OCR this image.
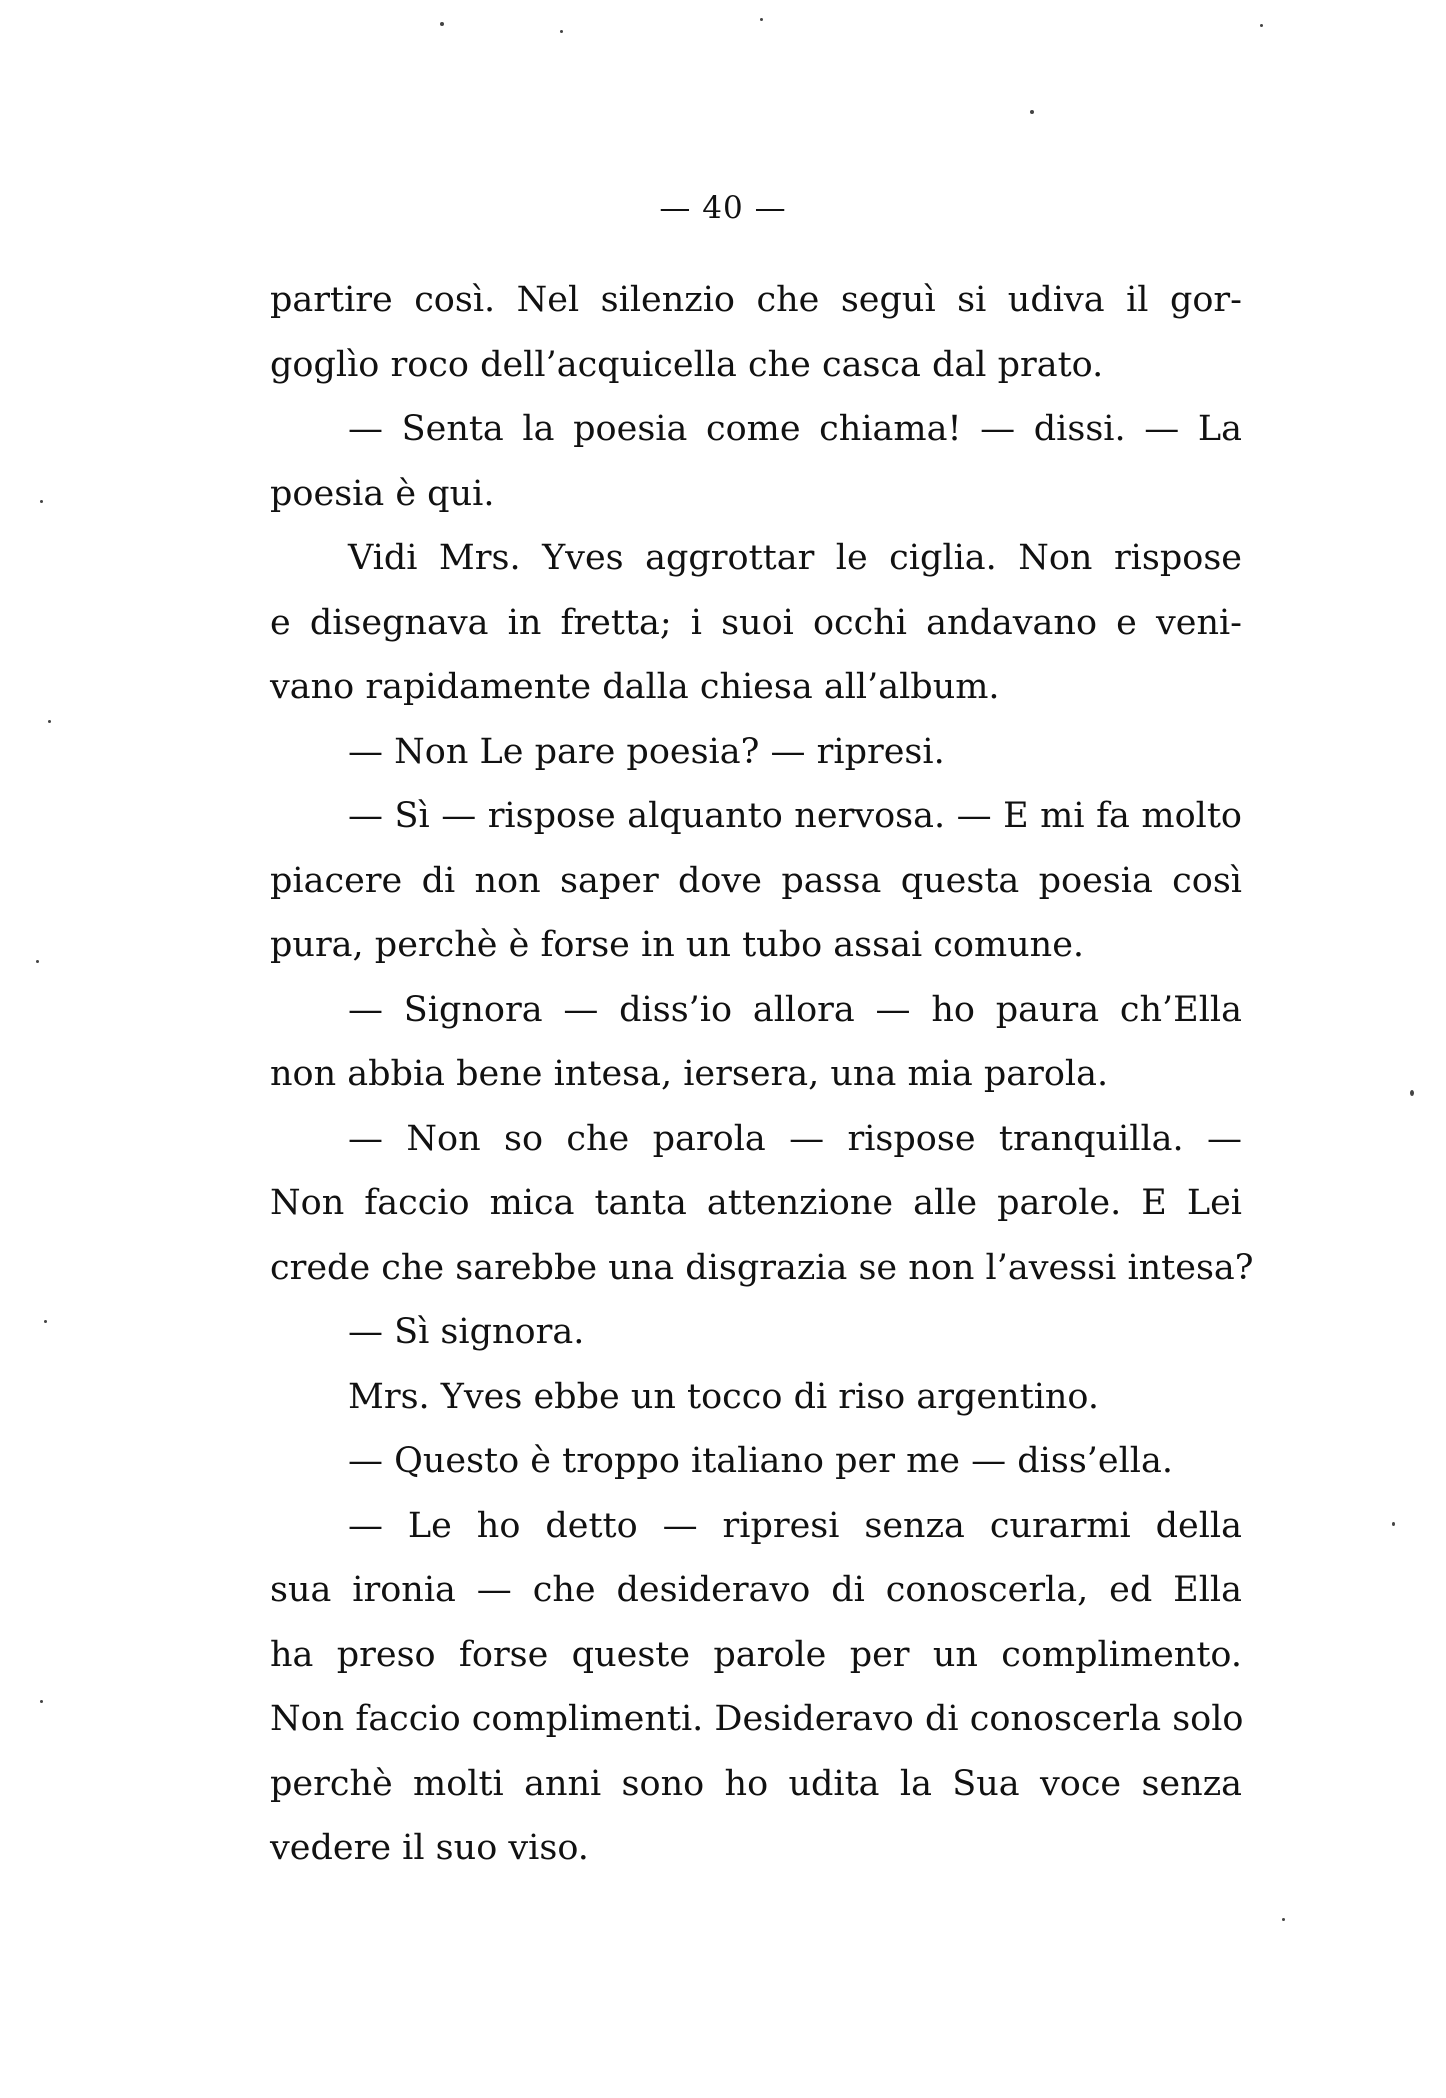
— 40 —
partire così. Nel silenzio che seguì si udiva il gor-
goglìo roco dell’acquicella che casca dal prato.
— Senta la poesia come chiama! — dissi. — La
poesia è qui.
Vidi Mrs. Yves aggrottar le ciglia. Non rispose
e disegnava in fretta; i suoi occhi andavano e veni-
vano rapidamente dalla chiesa all’album.
— Non Le pare poesia? — ripresi.
— Sì — rispose alquanto nervosa. — E mi fa molto
piacere di non saper dove passa questa poesia così
pura, perchè è forse in un tubo assai comune.
— Signora — diss’io allora — ho paura ch’Ella
non abbia bene intesa, iersera, una mia parola.
— Non so che parola — rispose tranquilla. —
Non faccio mica tanta attenzione alle parole. E Lei
crede che sarebbe una disgrazia se non l’avessi intesa?
— Sì signora.
Mrs. Yves ebbe un tocco di riso argentino.
— Questo è troppo italiano per me — diss’ella.
— Le ho detto — ripresi senza curarmi della
sua ironia — che desideravo di conoscerla, ed Ella
ha preso forse queste parole per un complimento.
Non faccio complimenti. Desideravo di conoscerla solo
perchè molti anni sono ho udita la Sua voce senza
vedere il suo viso.
